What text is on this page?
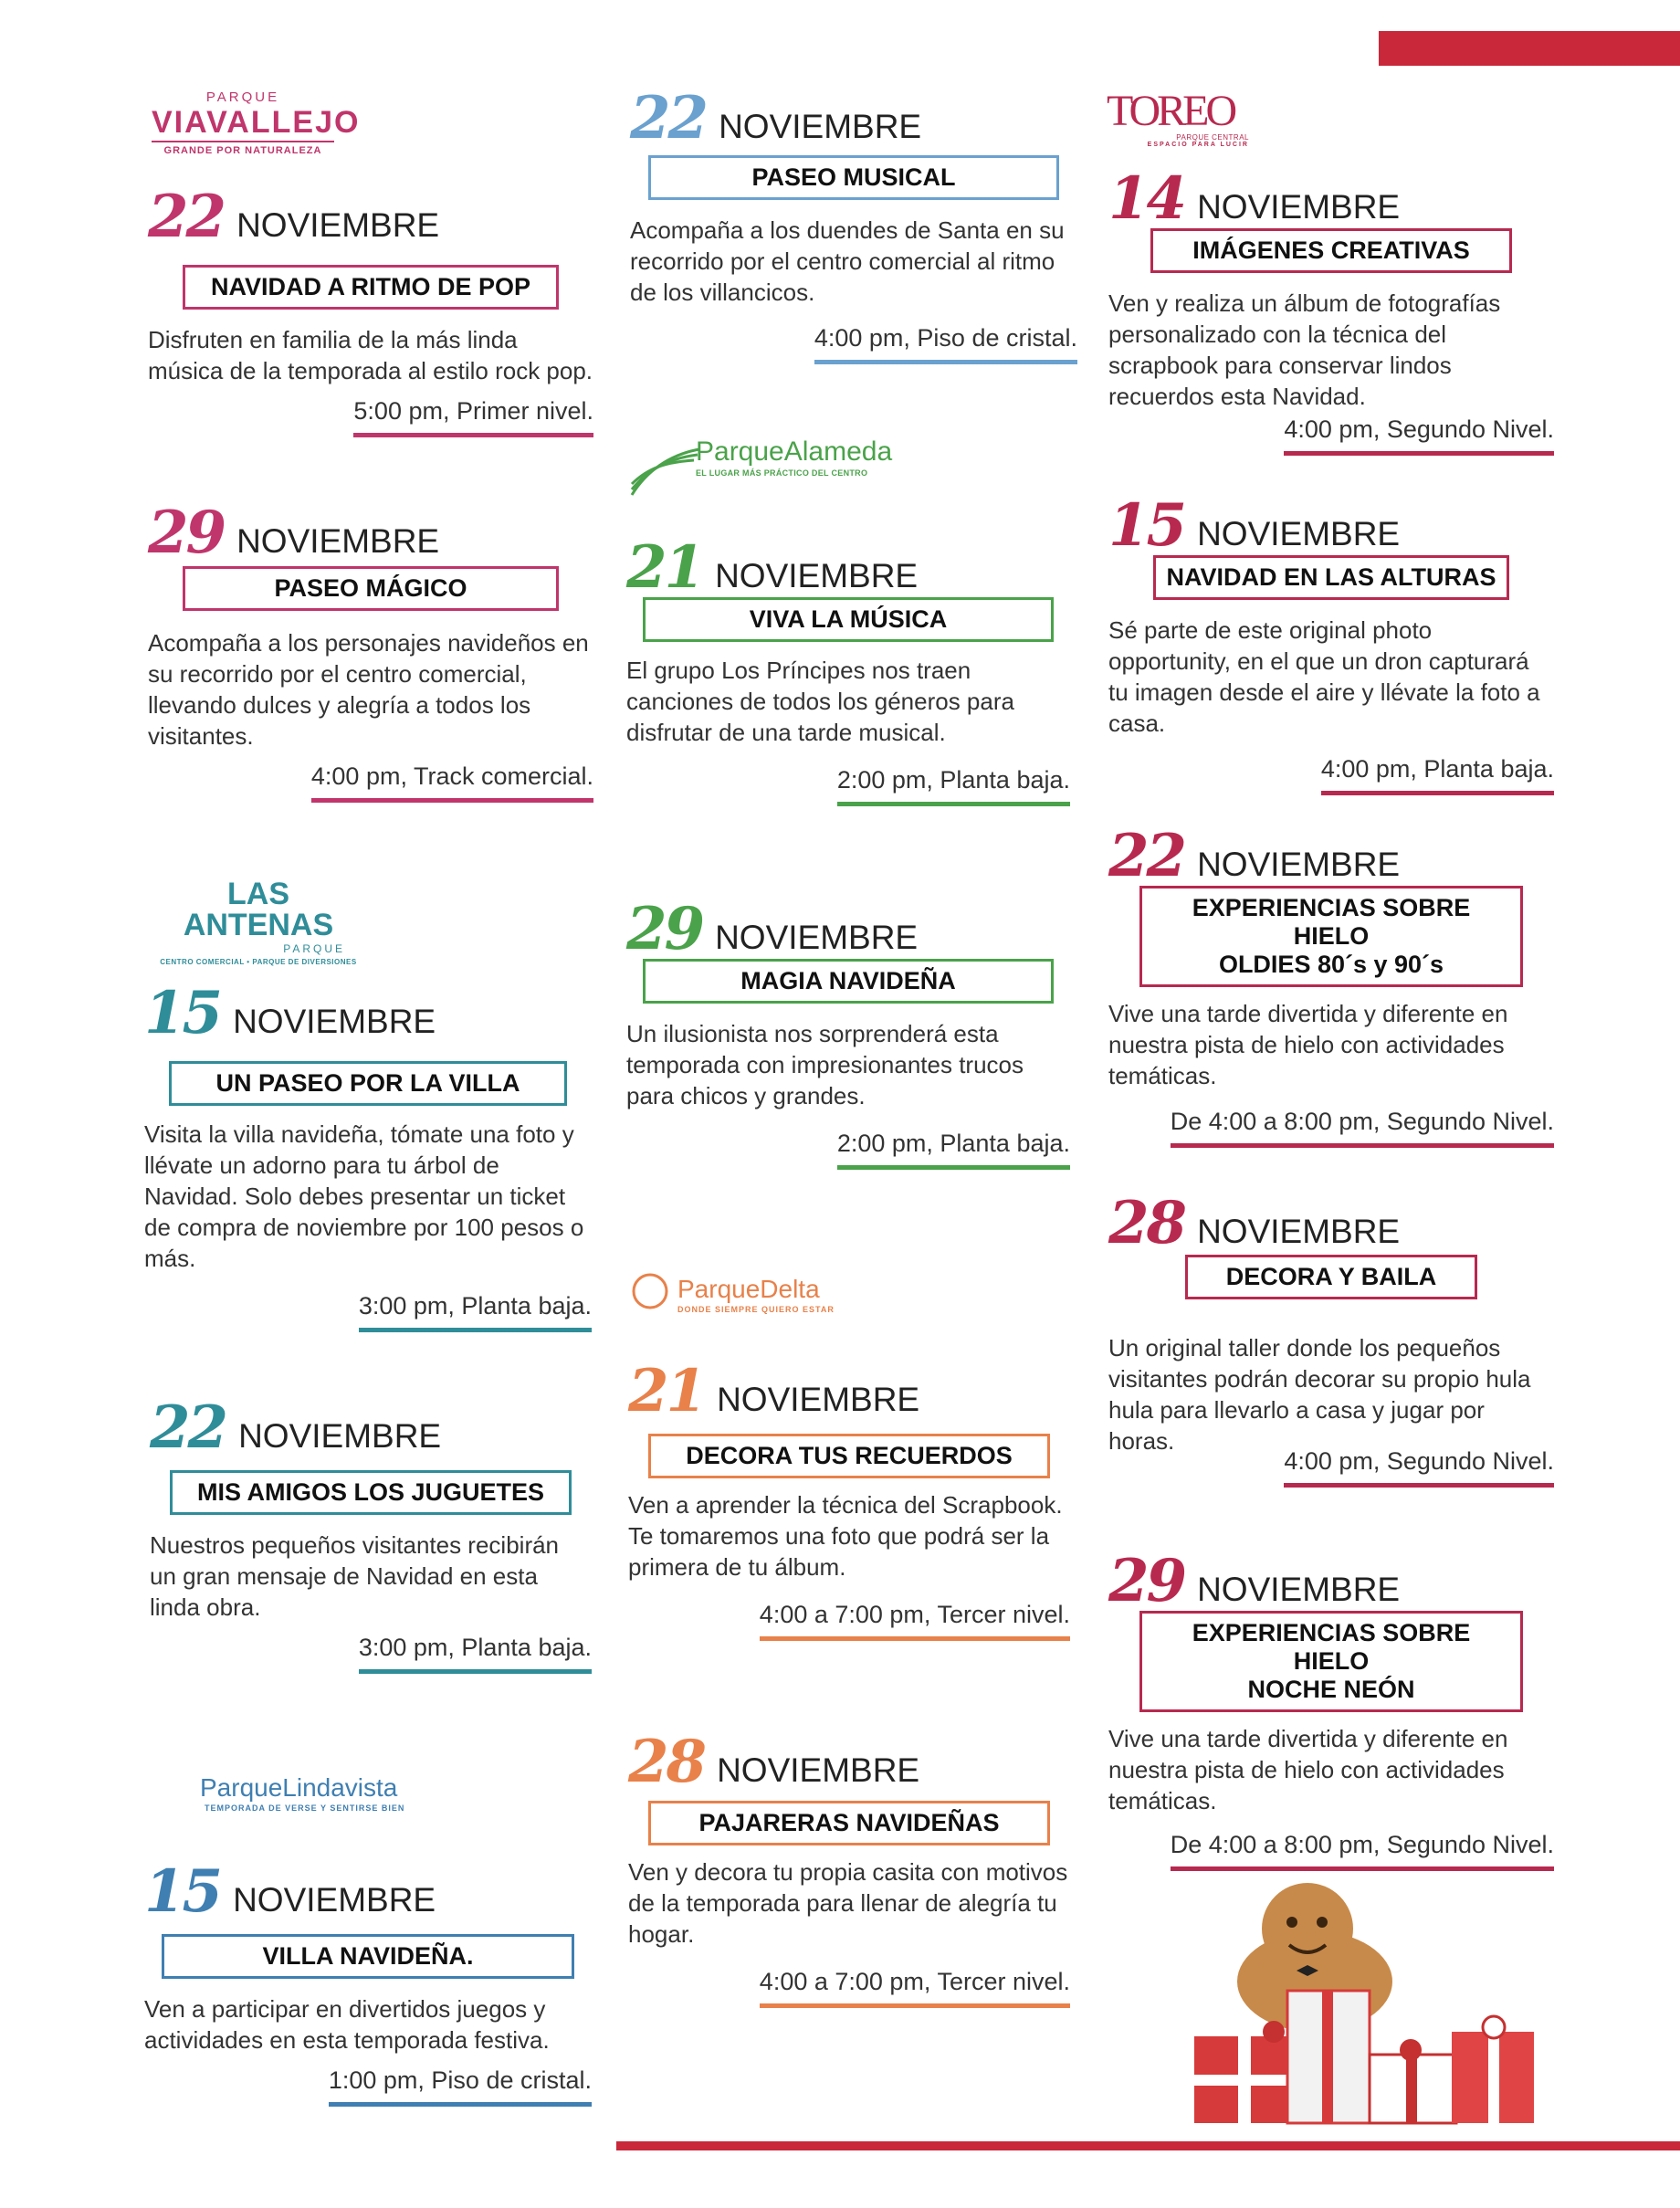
PARQUE
VIAVALLEJO
GRANDE POR NATURALEZA
22 NOVIEMBRE
NAVIDAD A RITMO DE POP
Disfruten en familia de la más linda música de la temporada al estilo rock pop.
5:00 pm, Primer nivel.
29 NOVIEMBRE
PASEO MÁGICO
Acompaña a los personajes navideños en su recorrido por el centro comercial, llevando dulces y alegría a todos los visitantes.
4:00 pm, Track comercial.
LAS ANTENAS
PARQUE
CENTRO COMERCIAL • PARQUE DE DIVERSIONES
15 NOVIEMBRE
UN PASEO POR LA VILLA
Visita la villa navideña, tómate una foto y llévate un adorno para tu árbol de Navidad. Solo debes presentar un ticket de compra de noviembre por 100 pesos o más.
3:00 pm, Planta baja.
22 NOVIEMBRE
MIS AMIGOS LOS JUGUETES
Nuestros pequeños visitantes recibirán un gran mensaje de Navidad en esta linda obra.
3:00 pm, Planta baja.
ParqueLindavista
TEMPORADA DE VERSE Y SENTIRSE BIEN
15 NOVIEMBRE
VILLA NAVIDEÑA.
Ven a participar en divertidos juegos y actividades en esta temporada festiva.
1:00 pm, Piso de cristal.
22 NOVIEMBRE
PASEO MUSICAL
Acompaña a los duendes de Santa en su recorrido por el centro comercial al ritmo de los villancicos.
4:00 pm, Piso de cristal.
ParqueAlameda
EL LUGAR MÁS PRÁCTICO DEL CENTRO
21 NOVIEMBRE
VIVA LA MÚSICA
El grupo Los Príncipes nos traen canciones de todos los géneros para disfrutar de una tarde musical.
2:00 pm, Planta baja.
29 NOVIEMBRE
MAGIA NAVIDEÑA
Un ilusionista nos sorprenderá esta temporada con impresionantes trucos para chicos y grandes.
2:00 pm, Planta baja.
ParqueDelta
DONDE SIEMPRE QUIERO ESTAR
21 NOVIEMBRE
DECORA TUS RECUERDOS
Ven a aprender la técnica del Scrapbook. Te tomaremos una foto que podrá ser la primera de tu álbum.
4:00 a 7:00 pm, Tercer nivel.
28 NOVIEMBRE
PAJARERAS NAVIDEÑAS
Ven y decora tu propia casita con motivos de la temporada para llenar de alegría tu hogar.
4:00 a 7:00 pm, Tercer nivel.
TOREO
PARQUE CENTRAL
ESPACIO PARA LUCIR
14 NOVIEMBRE
IMÁGENES CREATIVAS
Ven y realiza un álbum de fotografías personalizado con la técnica del scrapbook para conservar lindos recuerdos esta Navidad.
4:00 pm, Segundo Nivel.
15 NOVIEMBRE
NAVIDAD EN LAS ALTURAS
Sé parte de este original photo opportunity, en el que un dron capturará tu imagen desde el aire y llévate la foto a casa.
4:00 pm, Planta baja.
22 NOVIEMBRE
EXPERIENCIAS SOBRE HIELO
OLDIES 80´s y 90´s
Vive una tarde divertida y diferente en nuestra pista de hielo con actividades temáticas.
De 4:00 a 8:00 pm, Segundo Nivel.
28 NOVIEMBRE
DECORA Y BAILA
Un original taller donde los pequeños visitantes podrán decorar su propio hula hula para llevarlo a casa y jugar por horas.
4:00 pm, Segundo Nivel.
29 NOVIEMBRE
EXPERIENCIAS SOBRE HIELO
NOCHE NEÓN
Vive una tarde divertida y diferente en nuestra pista de hielo con actividades temáticas.
De 4:00 a 8:00 pm, Segundo Nivel.
